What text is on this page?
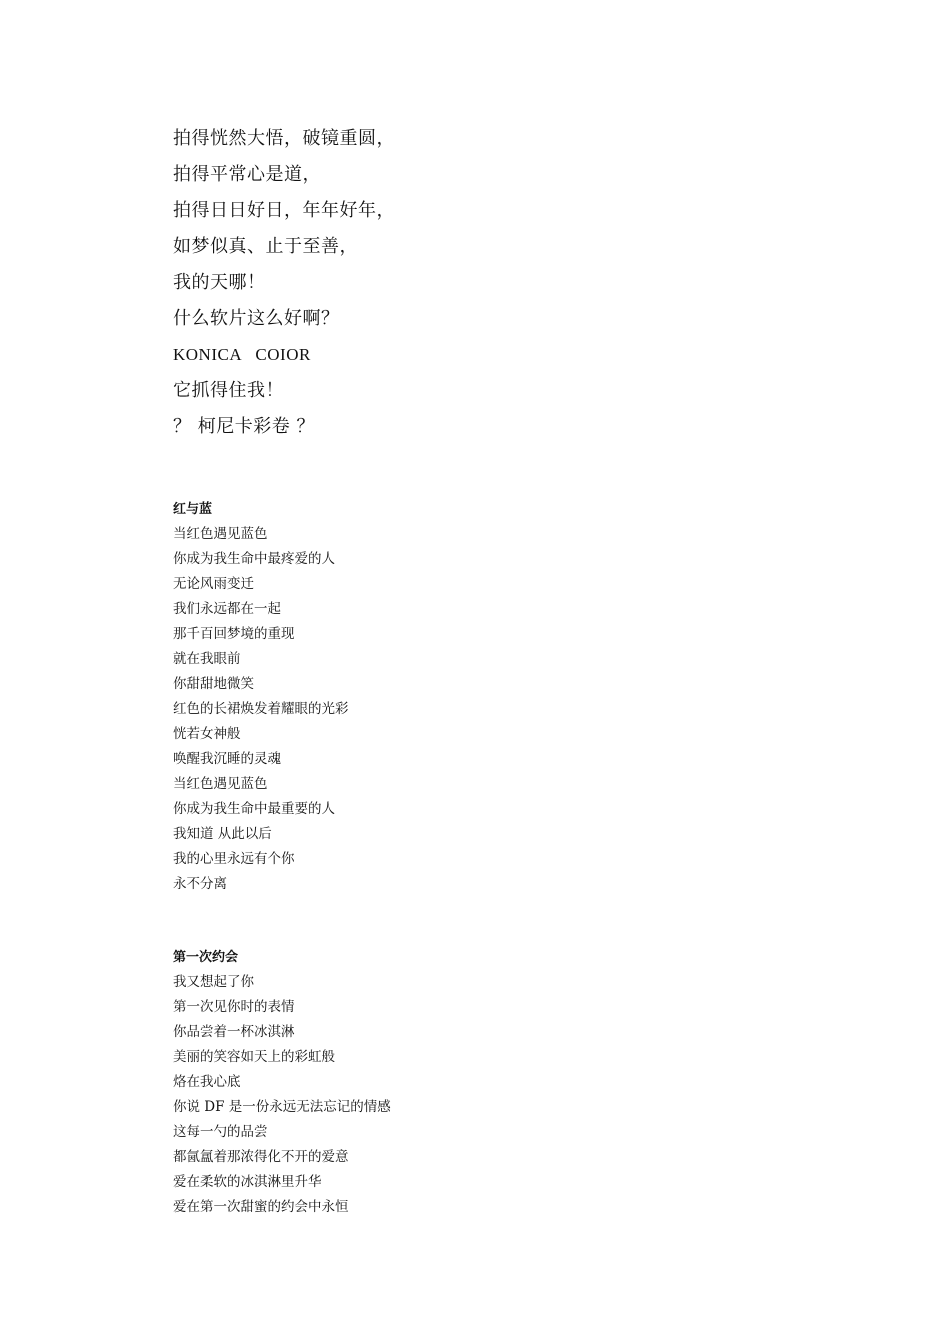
拍得恍然大悟，破镜重圆，
拍得平常心是道，
拍得日日好日，年年好年，
如梦似真、止于至善，
我的天哪！
什么软片这么好啊？
KONICA   COIOR
它抓得住我！
？ 柯尼卡彩卷 ？
红与蓝
当红色遇见蓝色
你成为我生命中最疼爱的人
无论风雨变迁
我们永远都在一起
那千百回梦境的重现
就在我眼前
你甜甜地微笑
红色的长裙焕发着耀眼的光彩
恍若女神般
唤醒我沉睡的灵魂
当红色遇见蓝色
你成为我生命中最重要的人
我知道 从此以后
我的心里永远有个你
永不分离
第一次约会
我又想起了你
第一次见你时的表情
你品尝着一杯冰淇淋
美丽的笑容如天上的彩虹般
烙在我心底
你说 DF 是一份永远无法忘记的情感
这每一勺的品尝
都氤氲着那浓得化不开的爱意
爱在柔软的冰淇淋里升华
爱在第一次甜蜜的约会中永恒
